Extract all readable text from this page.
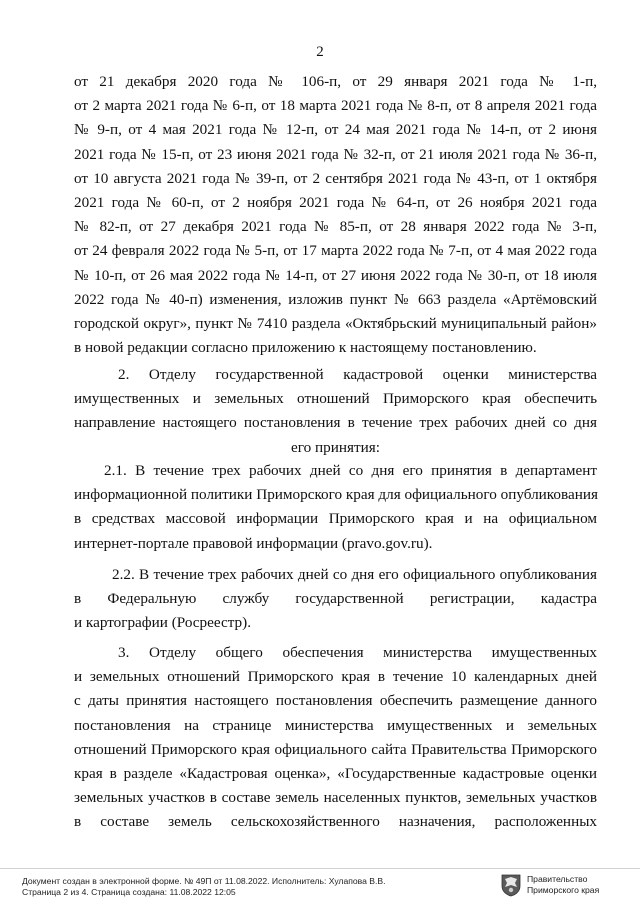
2
от 21 декабря 2020 года № 106-п, от 29 января 2021 года № 1-п,
от 2 марта 2021 года № 6-п, от 18 марта 2021 года № 8-п, от 8 апреля 2021 года
№ 9-п, от 4 мая 2021 года № 12-п, от 24 мая 2021 года № 14-п, от 2 июня
2021 года № 15-п, от 23 июня 2021 года № 32-п, от 21 июля 2021 года № 36-п,
от 10 августа 2021 года № 39-п, от 2 сентября 2021 года № 43-п, от 1 октября
2021 года № 60-п, от 2 ноября 2021 года № 64-п, от 26 ноября 2021 года
№ 82-п, от 27 декабря 2021 года № 85-п, от 28 января 2022 года № 3-п,
от 24 февраля 2022 года № 5-п, от 17 марта 2022 года № 7-п, от 4 мая 2022 года
№ 10-п, от 26 мая 2022 года № 14-п, от 27 июня 2022 года № 30-п, от 18 июля
2022 года № 40-п) изменения, изложив пункт № 663 раздела «Артёмовский
городской округ», пункт № 7410 раздела «Октябрьский муниципальный район»
в новой редакции согласно приложению к настоящему постановлению.
2. Отделу государственной кадастровой оценки министерства
имущественных и земельных отношений Приморского края обеспечить
направление настоящего постановления в течение трех рабочих дней со дня
его принятия:
2.1. В течение трех рабочих дней со дня его принятия в департамент
информационной политики Приморского края для официального опубликования
в средствах массовой информации Приморского края и на официальном
интернет-портале правовой информации (pravo.gov.ru).
2.2. В течение трех рабочих дней со дня его официального опубликования
в Федеральную службу государственной регистрации, кадастра
и картографии (Росреестр).
3. Отделу общего обеспечения министерства имущественных
и земельных отношений Приморского края в течение 10 календарных дней
с даты принятия настоящего постановления обеспечить размещение данного
постановления на странице министерства имущественных и земельных
отношений Приморского края официального сайта Правительства Приморского
края в разделе «Кадастровая оценка», «Государственные кадастровые оценки
земельных участков в составе земель населенных пунктов, земельных участков
в составе земель сельскохозяйственного назначения, расположенных
Документ создан в электронной форме. № 49П от 11.08.2022. Исполнитель: Хулапова В.В.
Страница 2 из 4. Страница создана: 11.08.2022 12:05
Правительство
Приморского края
